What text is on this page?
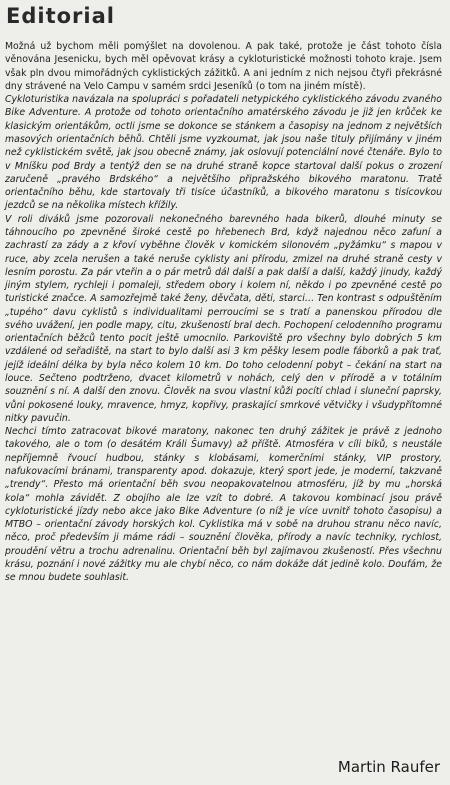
Editorial

Možná už bychom měli pomýšlet na dovolenou. A pak také, protože je část tohoto čísla věnována Jesenicku, bych měl opěvovat krásy a cykloturistické možnosti tohoto kraje. Jsem však pln dvou mimořádných cyklistických zážitků. A ani jedním z nich nejsou čtyři překrásné dny strávené na Velo Campu v samém srdci Jeseníků (o tom na jiném místě).

Cykloturistika navázala na spolupráci s pořadateli netypického cyklistického závodu zvaného Bike Adventure. A protože od tohoto orientačního amatérského závodu je již jen krůček ke klasickým orientákům, octli jsme se dokonce se stánkem a časopisy na jednom z největších masových orientačních běhů. Chtěli jsme vyzkoumat, jak jsou naše tituly přijímány v jiném než cyklistickém světě, jak jsou obecně známy, jak oslovují potenciální nové čtenáře. Bylo to v Mníšku pod Brdy a tentýž den se na druhé straně kopce startoval další pokus o zrození zaručeně „pravého Brdského“ a největšího připražského bikového maratonu. Tratě orientačního běhu, kde startovaly tři tisíce účastníků, a bikového maratonu s tisícovkou jezdců se na několika místech křížily.

V roli diváků jsme pozorovali nekonečného barevného hada bikerů, dlouhé minuty se táhnoucího po zpevněné široké cestě po hřebenech Brd, když najednou něco zafuní a zachrastí za zády a z křoví vyběhne člověk v komickém silonovém „pyžámku“ s mapou v ruce, aby zcela nerušen a také neruše cyklisty ani přírodu, zmizel na druhé straně cesty v lesním porostu. Za pár vteřin a o pár metrů dál další a pak další a další, každý jinudy, každý jiným stylem, rychleji i pomaleji, středem obory i kolem ní, někdo i po zpevněné cestě po turistické značce. A samozřejmě také ženy, děvčata, děti, starci… Ten kontrast s odpuštěním „tupého“ davu cyklistů s individualitami perroucími se s tratí a panenskou přírodou dle svého uvážení, jen podle mapy, citu, zkušeností bral dech. Pochopení celodenního programu orientačních běžců tento pocit ještě umocnilo. Parkoviště pro všechny bylo dobrých 5 km vzdálené od seřadiště, na start to bylo další asi 3 km pěšky lesem podle fáborků a pak trať, jejíž ideální délka by byla něco kolem 10 km. Do toho celodenní pobyt – čekání na start na louce. Sečteno podtrženo, dvacet kilometrů v nohách, celý den v přírodě a v totálním souznění s ní. A další den znovu. Člověk na svou vlastní kůži pocítí chlad i sluneční paprsky, vůni pokosené louky, mravence, hmyz, kopřivy, praskající smrkové větvičky i všudypřítomné nitky pavučin.

Nechci tímto zatracovat bikové maratony, nakonec ten druhý zážitek je právě z jednoho takového, ale o tom (o desátém Králi Šumavy) až příště. Atmosféra v cíli biků, s neustále nepříjemně řvoucí hudbou, stánky s klobásami, komerčními stánky, VIP prostory, nafukovacími bránami, transparenty apod. dokazuje, který sport jede, je moderní, takzvaně „trendy“. Přesto má orientační běh svou neopakovatelnou atmosféru, jíž by mu „horská kola“ mohla závidět. Z obojího ale lze vzít to dobré. A takovou kombinací jsou právě cykloturistické jízdy nebo akce jako Bike Adventure (o níž je více uvnitř tohoto časopisu) a MTBO – orientační závody horských kol. Cyklistika má v sobě na druhou stranu něco navíc, něco, proč především ji máme rádi – souznění člověka, přírody a navíc techniky, rychlost, proudění větru a trochu adrenalinu. Orientační běh byl zajímavou zkušeností. Přes všechnu krásu, poznání i nové zážitky mu ale chybí něco, co nám dokáže dát jedině kolo. Doufám, že se mnou budete souhlasit.

Martin Raufer
